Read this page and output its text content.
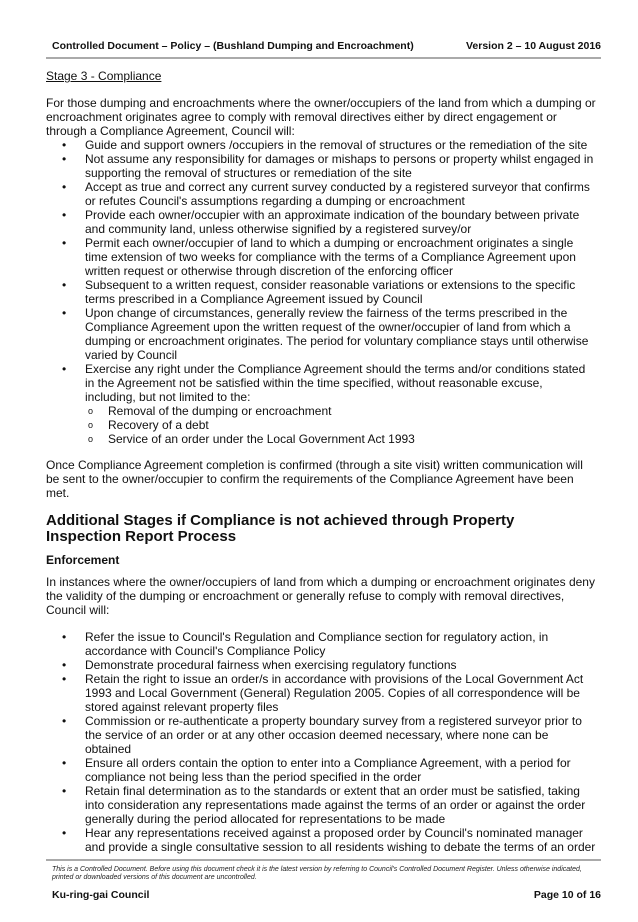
Controlled Document – Policy – (Bushland Dumping and Encroachment)	Version 2 – 10 August 2016
Stage 3 - Compliance
For those dumping and encroachments where the owner/occupiers of the land from which a dumping or encroachment originates agree to comply with removal directives either by direct engagement or through a Compliance Agreement, Council will:
• Guide and support owners /occupiers in the removal of structures or the remediation of the site
• Not assume any responsibility for damages or mishaps to persons or property whilst engaged in supporting the removal of structures or remediation of the site
• Accept as true and correct any current survey conducted by a registered surveyor that confirms or refutes Council's assumptions regarding a dumping or encroachment
• Provide each owner/occupier with an approximate indication of the boundary between private and community land, unless otherwise signified by a registered survey/or
• Permit each owner/occupier of land to which a dumping or encroachment originates a single time extension of two weeks for compliance with the terms of a Compliance Agreement upon written request or otherwise through discretion of the enforcing officer
• Subsequent to a written request, consider reasonable variations or extensions to the specific terms prescribed in a Compliance Agreement issued by Council
• Upon change of circumstances, generally review the fairness of the terms prescribed in the Compliance Agreement upon the written request of the owner/occupier of land from which a dumping or encroachment originates. The period for voluntary compliance stays until otherwise varied by Council
• Exercise any right under the Compliance Agreement should the terms and/or conditions stated in the Agreement not be satisfied within the time specified, without reasonable excuse, including, but not limited to the:
o Removal of the dumping or encroachment
o Recovery of a debt
o Service of an order under the Local Government Act 1993
Once Compliance Agreement completion is confirmed (through a site visit) written communication will be sent to the owner/occupier to confirm the requirements of the Compliance Agreement have been met.
Additional Stages if Compliance is not achieved through Property Inspection Report Process
Enforcement
In instances where the owner/occupiers of land from which a dumping or encroachment originates deny the validity of the dumping or encroachment or generally refuse to comply with removal directives, Council will:
• Refer the issue to Council's Regulation and Compliance section for regulatory action, in accordance with Council's Compliance Policy
• Demonstrate procedural fairness when exercising regulatory functions
• Retain the right to issue an order/s in accordance with provisions of the Local Government Act 1993 and Local Government (General) Regulation 2005. Copies of all correspondence will be stored against relevant property files
• Commission or re-authenticate a property boundary survey from a registered surveyor prior to the service of an order or at any other occasion deemed necessary, where none can be obtained
• Ensure all orders contain the option to enter into a Compliance Agreement, with a period for compliance not being less than the period specified in the order
• Retain final determination as to the standards or extent that an order must be satisfied, taking into consideration any representations made against the terms of an order or against the order generally during the period allocated for representations to be made
• Hear any representations received against a proposed order by Council's nominated manager and provide a single consultative session to all residents wishing to debate the terms of an order
This is a Controlled Document. Before using this document check it is the latest version by referring to Council's Controlled Document Register. Unless otherwise indicated, printed or downloaded versions of this document are uncontrolled.
Ku-ring-gai Council	Page 10 of 16
